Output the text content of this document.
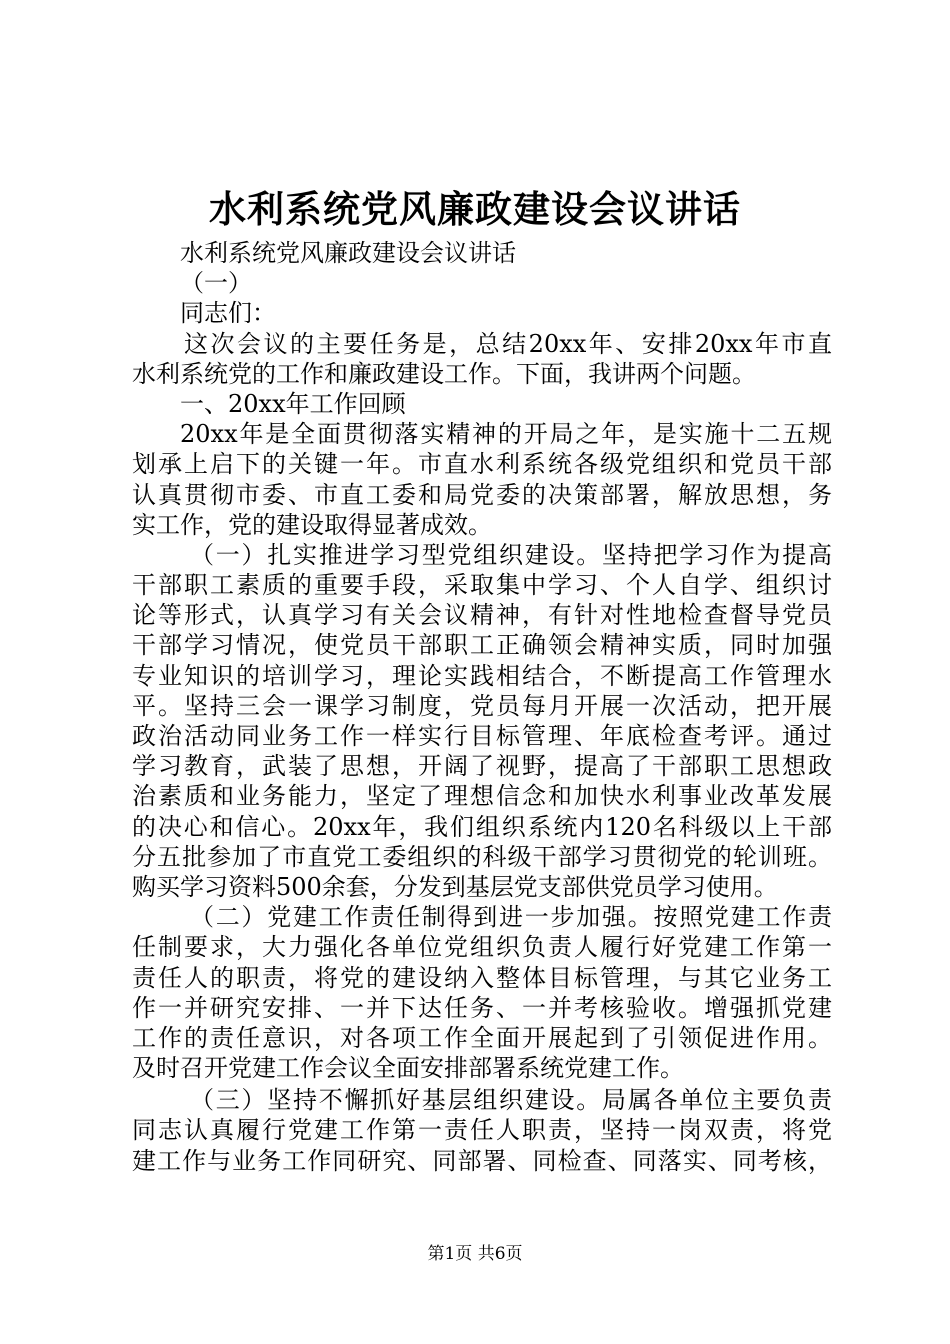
水利系统党风廉政建设会议讲话
水利系统党风廉政建设会议讲话
（一）
同志们：
这次会议的主要任务是，总结20xx年、安排20xx年市直
水利系统党的工作和廉政建设工作。下面，我讲两个问题。
一、20xx年工作回顾
20xx年是全面贯彻落实精神的开局之年，是实施十二五规
划承上启下的关键一年。市直水利系统各级党组织和党员干部
认真贯彻市委、市直工委和局党委的决策部署，解放思想，务
实工作，党的建设取得显著成效。
（一）扎实推进学习型党组织建设。坚持把学习作为提高
干部职工素质的重要手段，采取集中学习、个人自学、组织讨
论等形式，认真学习有关会议精神，有针对性地检查督导党员
干部学习情况，使党员干部职工正确领会精神实质，同时加强
专业知识的培训学习，理论实践相结合，不断提高工作管理水
平。坚持三会一课学习制度，党员每月开展一次活动，把开展
政治活动同业务工作一样实行目标管理、年底检查考评。通过
学习教育，武装了思想，开阔了视野，提高了干部职工思想政
治素质和业务能力，坚定了理想信念和加快水利事业改革发展
的决心和信心。20xx年，我们组织系统内120名科级以上干部
分五批参加了市直党工委组织的科级干部学习贯彻党的轮训班。
购买学习资料500余套，分发到基层党支部供党员学习使用。
（二）党建工作责任制得到进一步加强。按照党建工作责
任制要求，大力强化各单位党组织负责人履行好党建工作第一
责任人的职责，将党的建设纳入整体目标管理，与其它业务工
作一并研究安排、一并下达任务、一并考核验收。增强抓党建
工作的责任意识，对各项工作全面开展起到了引领促进作用。
及时召开党建工作会议全面安排部署系统党建工作。
（三）坚持不懈抓好基层组织建设。局属各单位主要负责
同志认真履行党建工作第一责任人职责，坚持一岗双责，将党
建工作与业务工作同研究、同部署、同检查、同落实、同考核，
第1页 共6页
